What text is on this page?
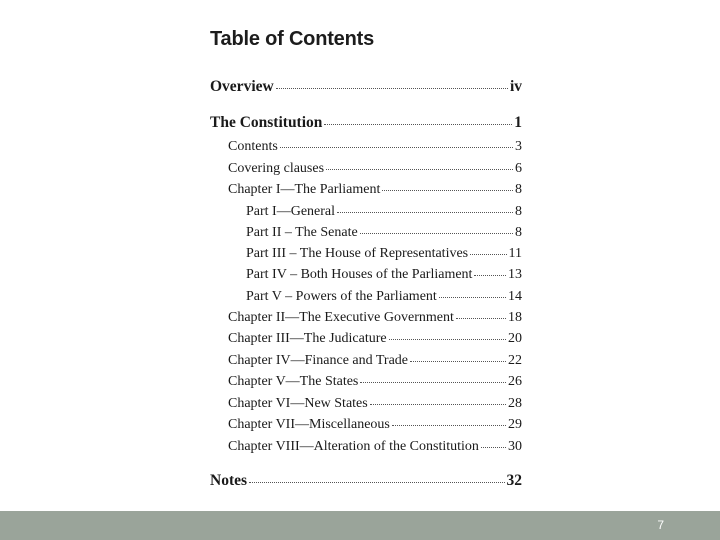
Table of Contents
Overview	iv
The Constitution	1
Contents	3
Covering clauses	6
Chapter I—The Parliament	8
Part I—General	8
Part II – The Senate	8
Part III – The House of Representatives	11
Part IV – Both Houses of the Parliament	13
Part V – Powers of the Parliament	14
Chapter II—The Executive Government	18
Chapter III—The Judicature	20
Chapter IV—Finance and Trade	22
Chapter V—The States	26
Chapter VI—New States	28
Chapter VII—Miscellaneous	29
Chapter VIII—Alteration of the Constitution 30
Notes	32
7
